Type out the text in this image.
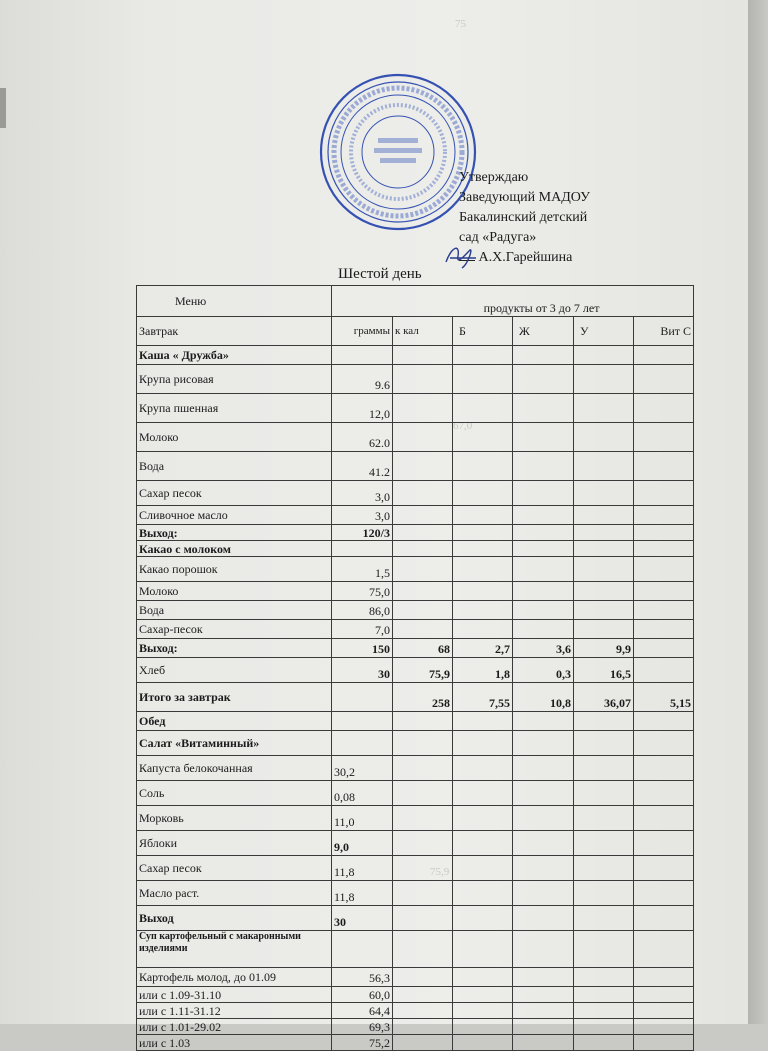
75
67,0
75,9
Утверждаю
Заведующий МАДОУ
Бакалинский детский
сад «Радуга»
А.Х.Гарейшина
Шестой день
Меню	продукты от 3 до 7 лет					
Завтрак	граммы	к кал	Б	Ж	У	Вит С
Каша « Дружба»						
Крупа рисовая	9.6					
Крупа пшенная	12,0					
Молоко	62.0					
Вода	41.2					
Сахар песок	3,0					
Сливочное масло	3,0					
Выход:	120/3					
Какао с молоком						
Какао порошок	1,5					
Молоко	75,0					
Вода	86,0					
Сахар-песок	7,0					
Выход:	150	68	2,7	3,6	9,9	
Хлеб	30	75,9	1,8	0,3	16,5	
Итого за завтрак		258	7,55	10,8	36,07	5,15
Обед						
Салат «Витаминный»						
Капуста белокочанная	30,2					
Соль	0,08					
Морковь	11,0					
Яблоки	9,0					
Сахар песок	11,8					
Масло раст.	11,8					
Выход	30					
Суп картофельный с макаронными изделиями						
Картофель молод, до 01.09	56,3					
или с 1.09-31.10	60,0					
или с 1.11-31.12	64,4					
или с 1.01-29.02	69,3					
или с 1.03	75,2					
